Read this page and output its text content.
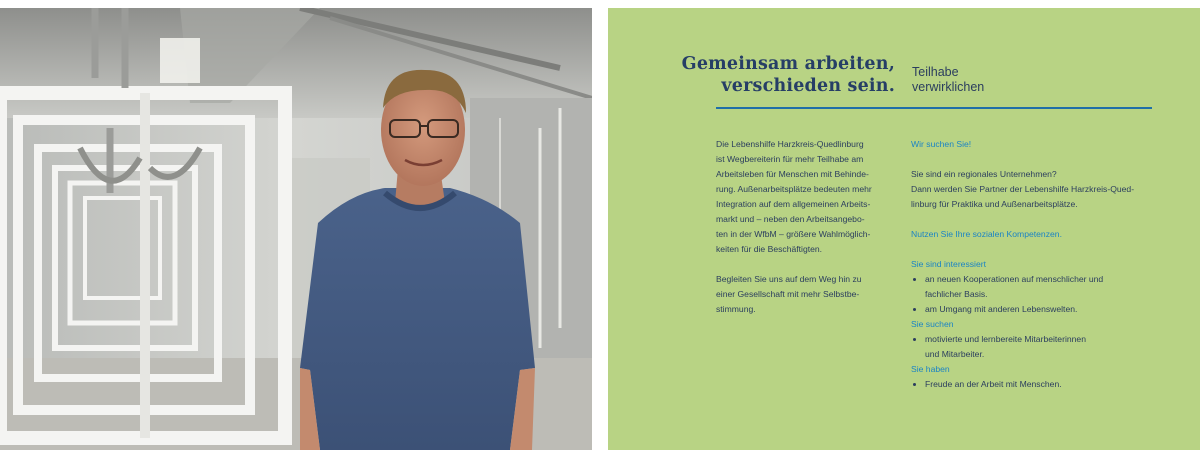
Gemeinsam arbeiten,
verschieden sein.
Teilhabe
verwirklichen

Die Lebenshilfe Harzkreis-Quedlinburg
ist Wegbereiterin für mehr Teilhabe am
Arbeitsleben für Menschen mit Behinde-
rung. Außenarbeitsplätze bedeuten mehr
Integration auf dem allgemeinen Arbeits-
markt und – neben den Arbeitsangebo-
ten in der WfbM – größere Wahlmöglich-
keiten für die Beschäftigten.

Begleiten Sie uns auf dem Weg hin zu
einer Gesellschaft mit mehr Selbstbe-
stimmung.

Wir suchen Sie!
Sie sind ein regionales Unternehmen?
Dann werden Sie Partner der Lebenshilfe Harzkreis-Qued-
linburg für Praktika und Außenarbeitsplätze.
Nutzen Sie Ihre sozialen Kompetenzen.
Sie sind interessiert
an neuen Kooperationen auf menschlicher und
fachlicher Basis.
am Umgang mit anderen Lebenswelten.
Sie suchen
motivierte und lernbereite Mitarbeiterinnen
und Mitarbeiter.
Sie haben
Freude an der Arbeit mit Menschen.
